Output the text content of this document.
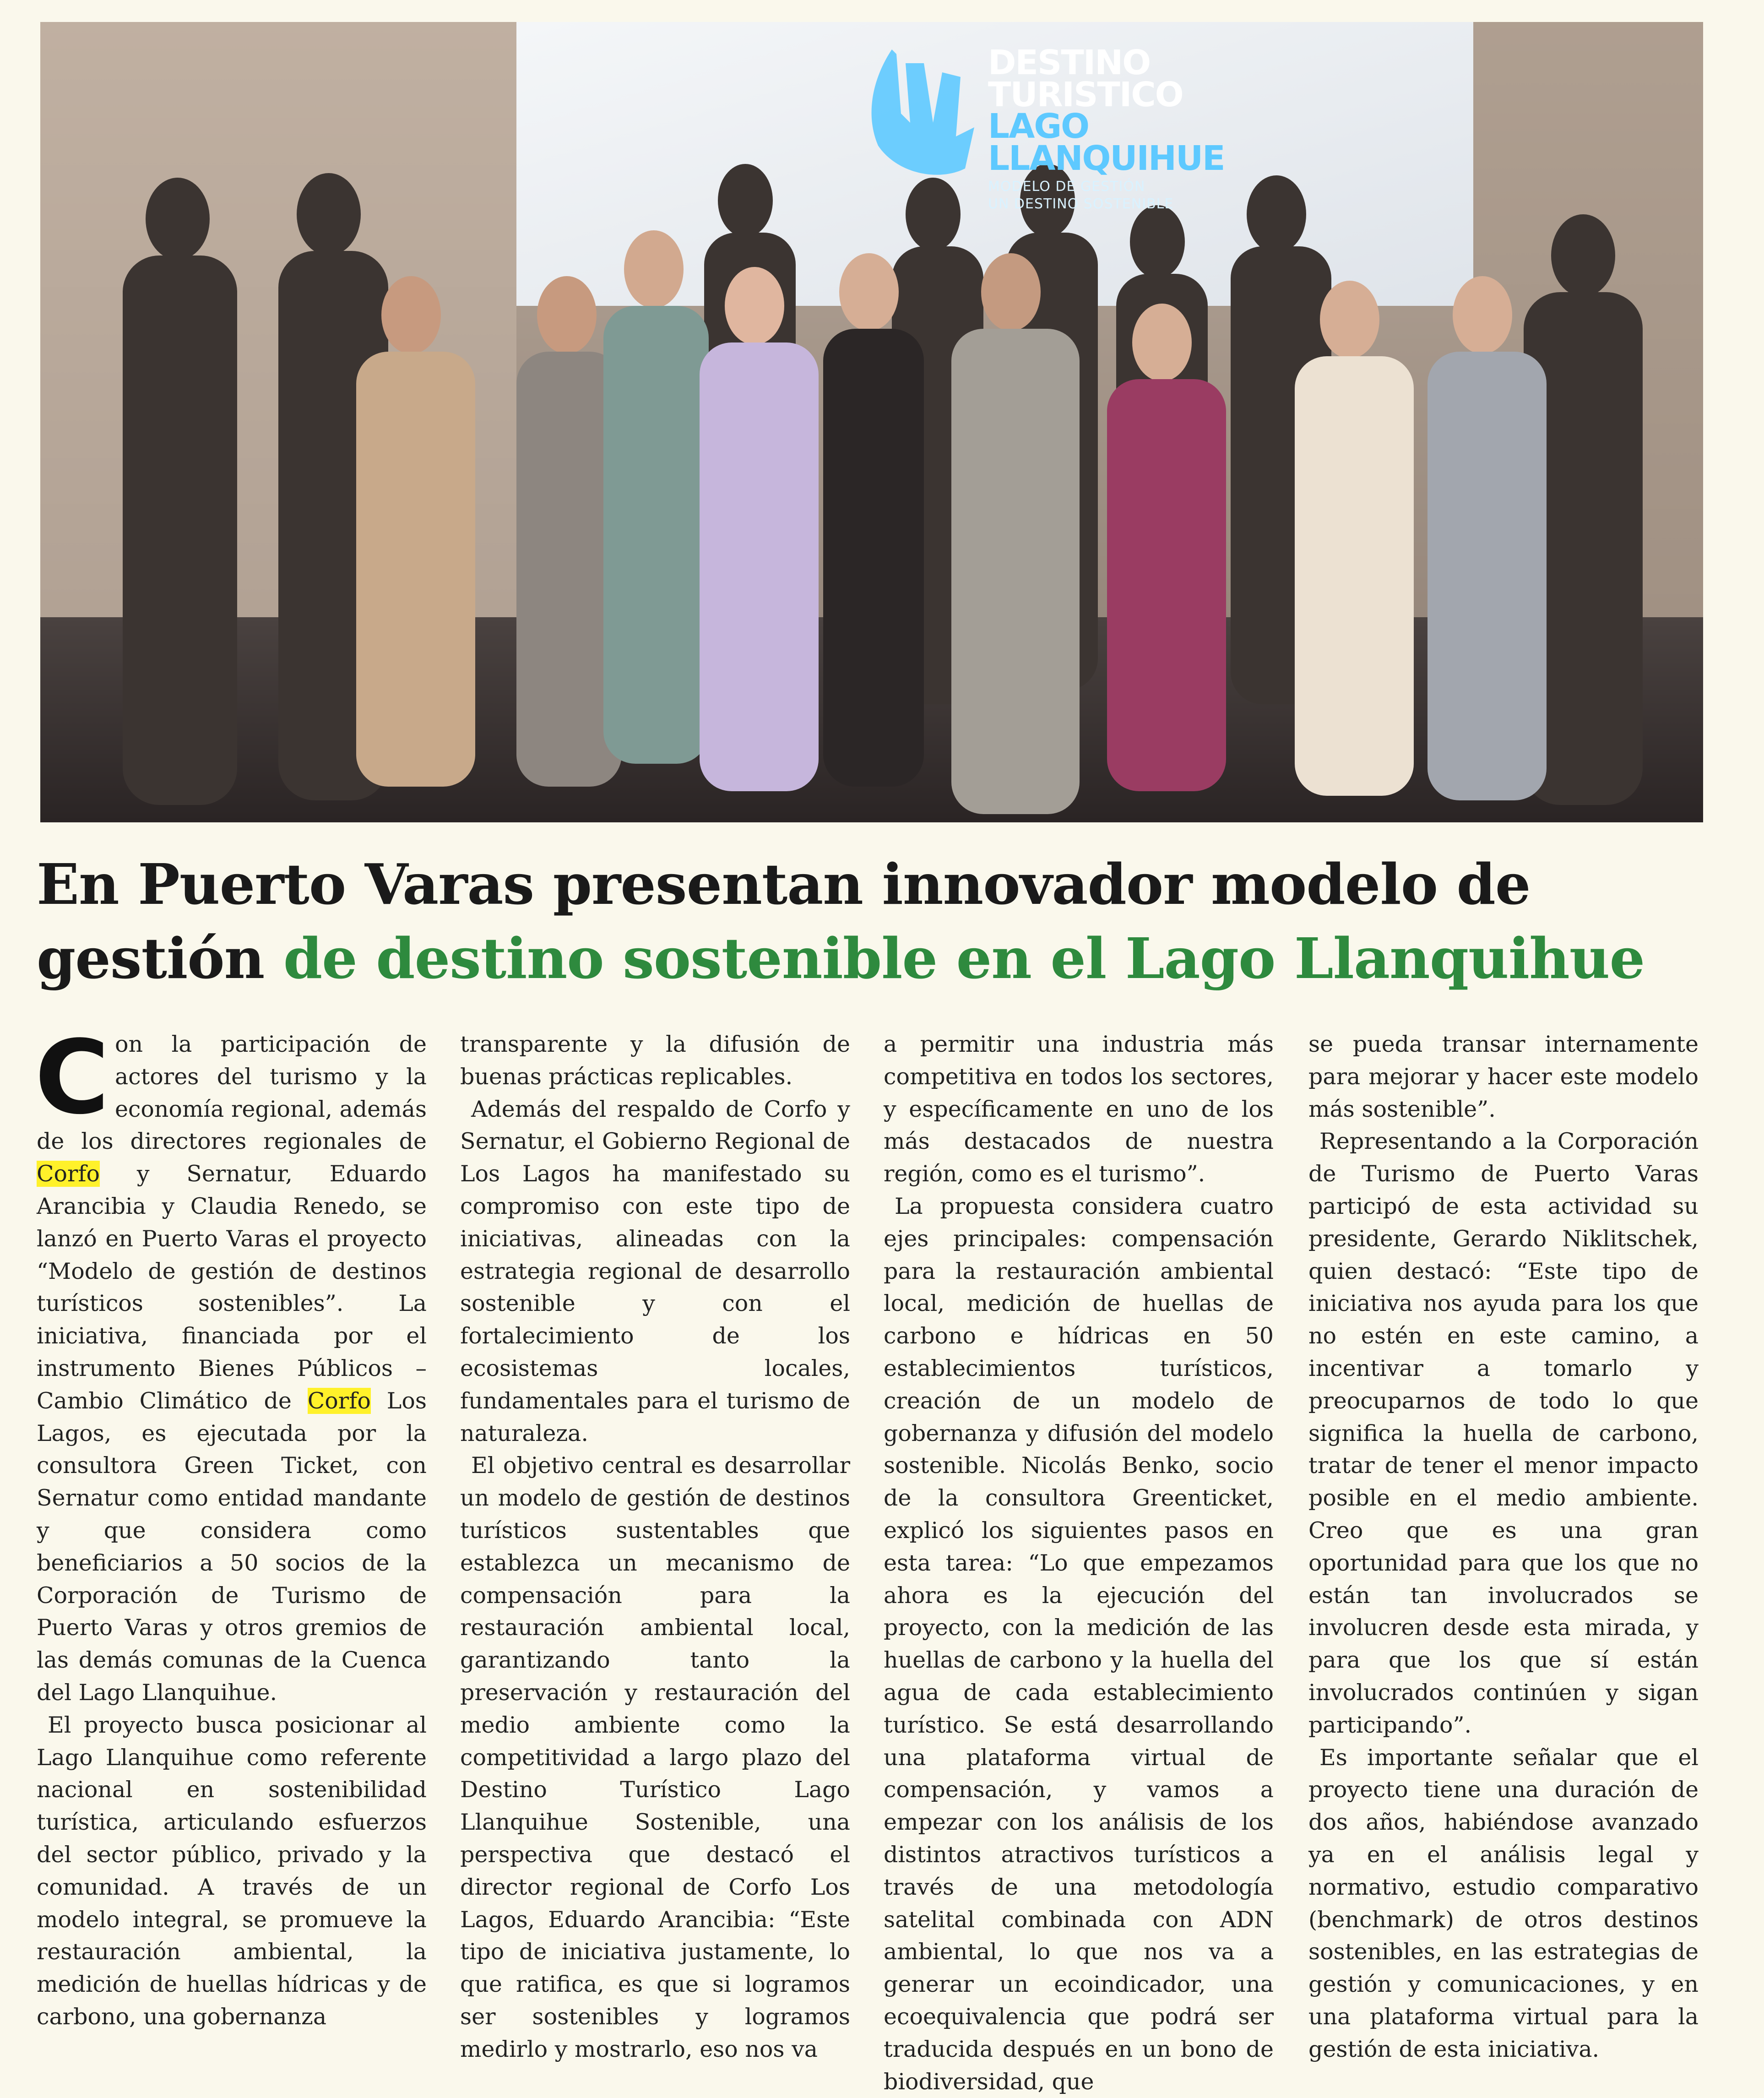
DESTINO
TURISTICO
LAGO
LLANQUIHUE
MODELO DE GESTIÓN
UN DESTINO SOSTENIBLE
En Puerto Varas presentan innovador modelo de gestión de destino sostenible en el Lago Llanquihue

Con la participación de actores del turismo y la economía regional, además de los directores regionales de Corfo y Sernatur, Eduardo Arancibia y Claudia Renedo, se lanzó en Puerto Varas el proyecto “Modelo de gestión de destinos turísticos sostenibles”. La iniciativa, financiada por el instrumento Bienes Públicos – Cambio Climático de Corfo Los Lagos, es ejecutada por la consultora Green Ticket, con Sernatur como entidad mandante y que considera como beneficiarios a 50 socios de la Corporación de Turismo de Puerto Varas y otros gremios de las demás comunas de la Cuenca del Lago Llanquihue.

El proyecto busca posicionar al Lago Llanquihue como referente nacional en sostenibilidad turística, articulando esfuerzos del sector público, privado y la comunidad. A través de un modelo integral, se promueve la restauración ambiental, la medición de huellas hídricas y de carbono, una gobernanza

transparente y la difusión de buenas prácticas replicables.

Además del respaldo de Corfo y Sernatur, el Gobierno Regional de Los Lagos ha manifestado su compromiso con este tipo de iniciativas, alineadas con la estrategia regional de desarrollo sostenible y con el fortalecimiento de los ecosistemas locales, fundamentales para el turismo de naturaleza.

El objetivo central es desarrollar un modelo de gestión de destinos turísticos sustentables que establezca un mecanismo de compensación para la restauración ambiental local, garantizando tanto la preservación y restauración del medio ambiente como la competitividad a largo plazo del Destino Turístico Lago Llanquihue Sostenible, una perspectiva que destacó el director regional de Corfo Los Lagos, Eduardo Arancibia: “Este tipo de iniciativa justamente, lo que ratifica, es que si logramos ser sostenibles y logramos medirlo y mostrarlo, eso nos va

a permitir una industria más competitiva en todos los sectores, y específicamente en uno de los más destacados de nuestra región, como es el turismo”.

La propuesta considera cuatro ejes principales: compensación para la restauración ambiental local, medición de huellas de carbono e hídricas en 50 establecimientos turísticos, creación de un modelo de gobernanza y difusión del modelo sostenible. Nicolás Benko, socio de la consultora Greenticket, explicó los siguientes pasos en esta tarea: “Lo que empezamos ahora es la ejecución del proyecto, con la medición de las huellas de carbono y la huella del agua de cada establecimiento turístico. Se está desarrollando una plataforma virtual de compensación, y vamos a empezar con los análisis de los distintos atractivos turísticos a través de una metodología satelital combinada con ADN ambiental, lo que nos va a generar un ecoindicador, una ecoequivalencia que podrá ser traducida después en un bono de biodiversidad, que

se pueda transar internamente para mejorar y hacer este modelo más sostenible”.

Representando a la Corporación de Turismo de Puerto Varas participó de esta actividad su presidente, Gerardo Niklitschek, quien destacó: “Este tipo de iniciativa nos ayuda para los que no estén en este camino, a incentivar a tomarlo y preocuparnos de todo lo que significa la huella de carbono, tratar de tener el menor impacto posible en el medio ambiente. Creo que es una gran oportunidad para que los que no están tan involucrados se involucren desde esta mirada, y para que los que sí están involucrados continúen y sigan participando”.

Es importante señalar que el proyecto tiene una duración de dos años, habiéndose avanzado ya en el análisis legal y normativo, estudio comparativo (benchmark) de otros destinos sostenibles, en las estrategias de gestión y comunicaciones, y en una plataforma virtual para la gestión de esta iniciativa.
